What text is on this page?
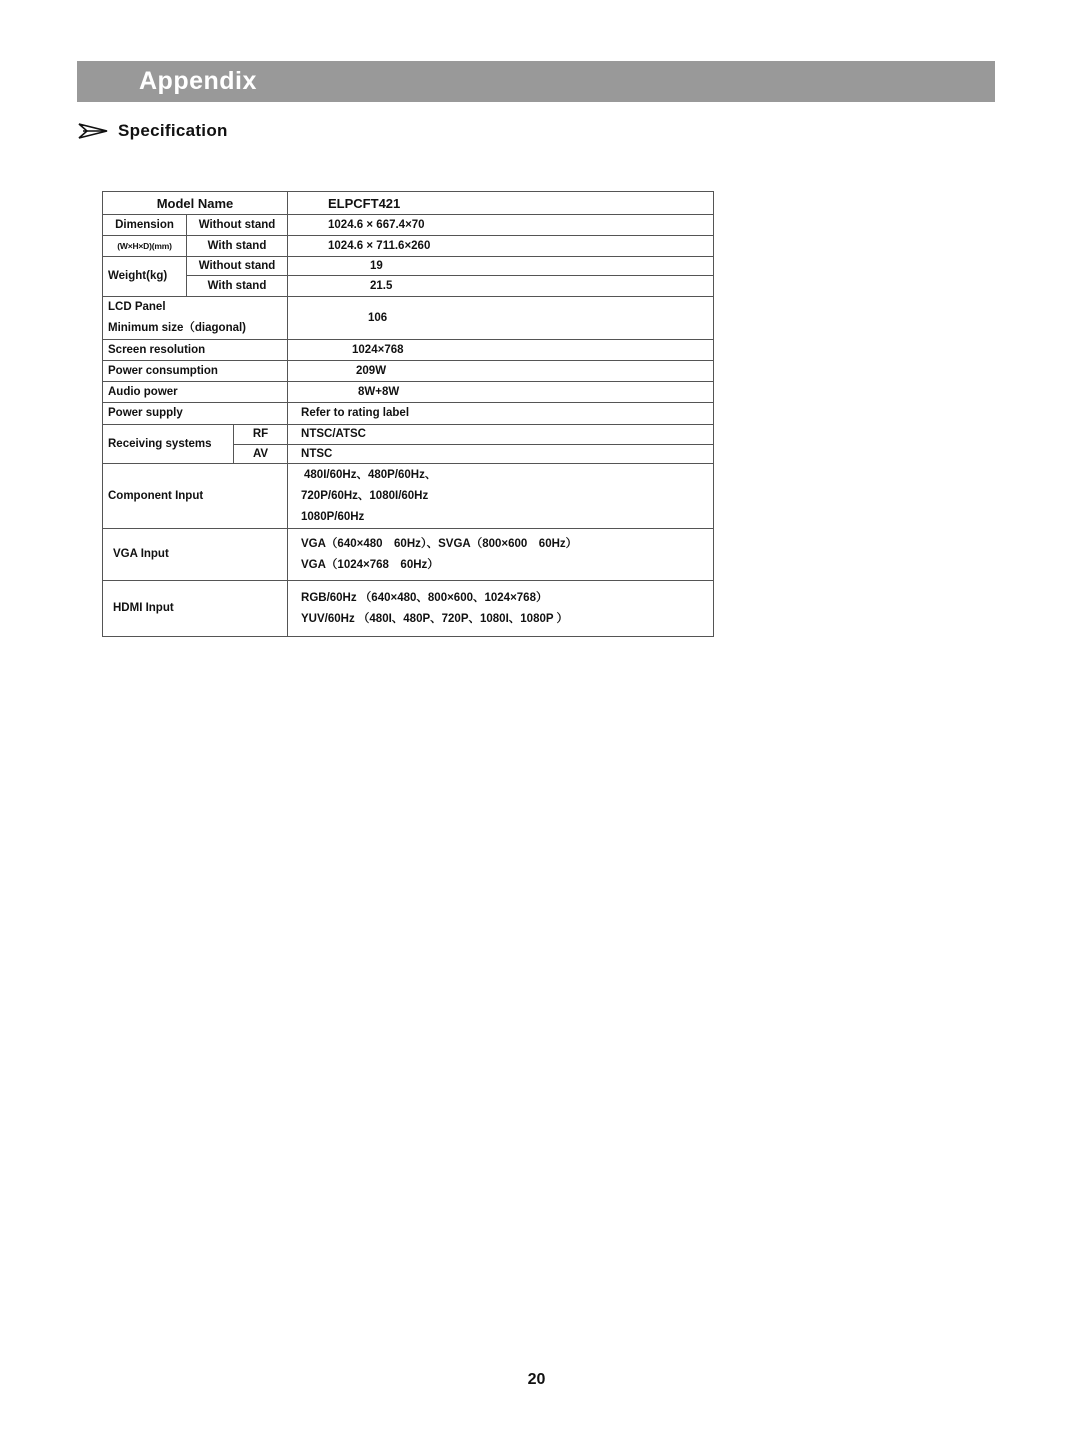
Appendix
Specification
Model Name			ELPCFT421
Dimension	Without stand		1024.6 × 667.4×70
(W×H×D)(mm)	With stand		1024.6 × 711.6×260
Weight(kg)	Without stand		19
	With stand		21.5

LCD Panel
Minimum size（diagonal)			106
Screen resolution			1024×768
Power consumption			209W
Audio power			8W+8W
Power supply			Refer to rating label
Receiving systems		RF	NTSC/ATSC
		AV	NTSC
Component Input			480I/60Hz、480P/60Hz、
720P/60Hz、1080I/60Hz
1080P/60Hz

VGA Input			VGA（640×480　60Hz）、SVGA（800×600　60Hz）
VGA（1024×768　60Hz）

HDMI Input			RGB/60Hz （640×480、800×600、1024×768）
YUV/60Hz （480I、480P、720P、1080I、1080P ）
20
